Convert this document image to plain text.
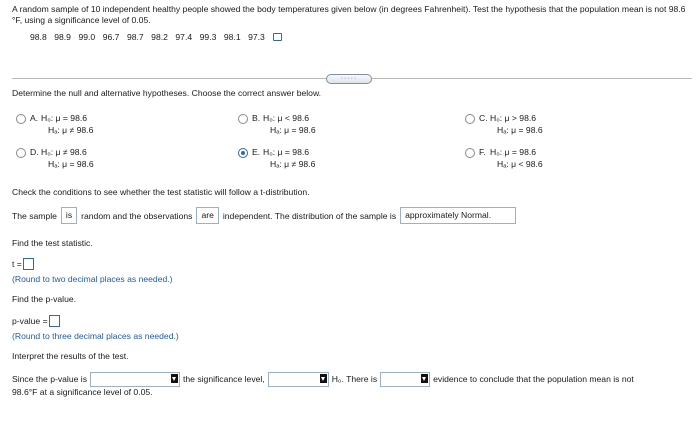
A random sample of 10 independent healthy people showed the body temperatures given below (in degrees Fahrenheit). Test the hypothesis that the population mean is not 98.6 °F, using a significance level of 0.05.
98.8 98.9 99.0 96.7 98.7 98.2 97.4 99.3 98.1 97.3
·····
Determine the null and alternative hypotheses. Choose the correct answer below.
A. H₀: μ = 98.6
Hₐ: μ ≠ 98.6
B. H₀: μ < 98.6
Hₐ: μ = 98.6
C. H₀: μ > 98.6
Hₐ: μ = 98.6
D. H₀: μ ≠ 98.6
Hₐ: μ = 98.6
E. H₀: μ = 98.6
Hₐ: μ ≠ 98.6
F. H₀: μ = 98.6
Hₐ: μ < 98.6
Check the conditions to see whether the test statistic will follow a t-distribution.
The sample	is	random and the observations	are	independent. The distribution of the sample is	approximately Normal.
Find the test statistic.
t =
(Round to two decimal places as needed.)
Find the p-value.
p-value =
(Round to three decimal places as needed.)
Interpret the results of the test.
Since the p-value is	the significance level,	H₀. There is	evidence to conclude that the population mean is not
98.6°F at a significance level of 0.05.
